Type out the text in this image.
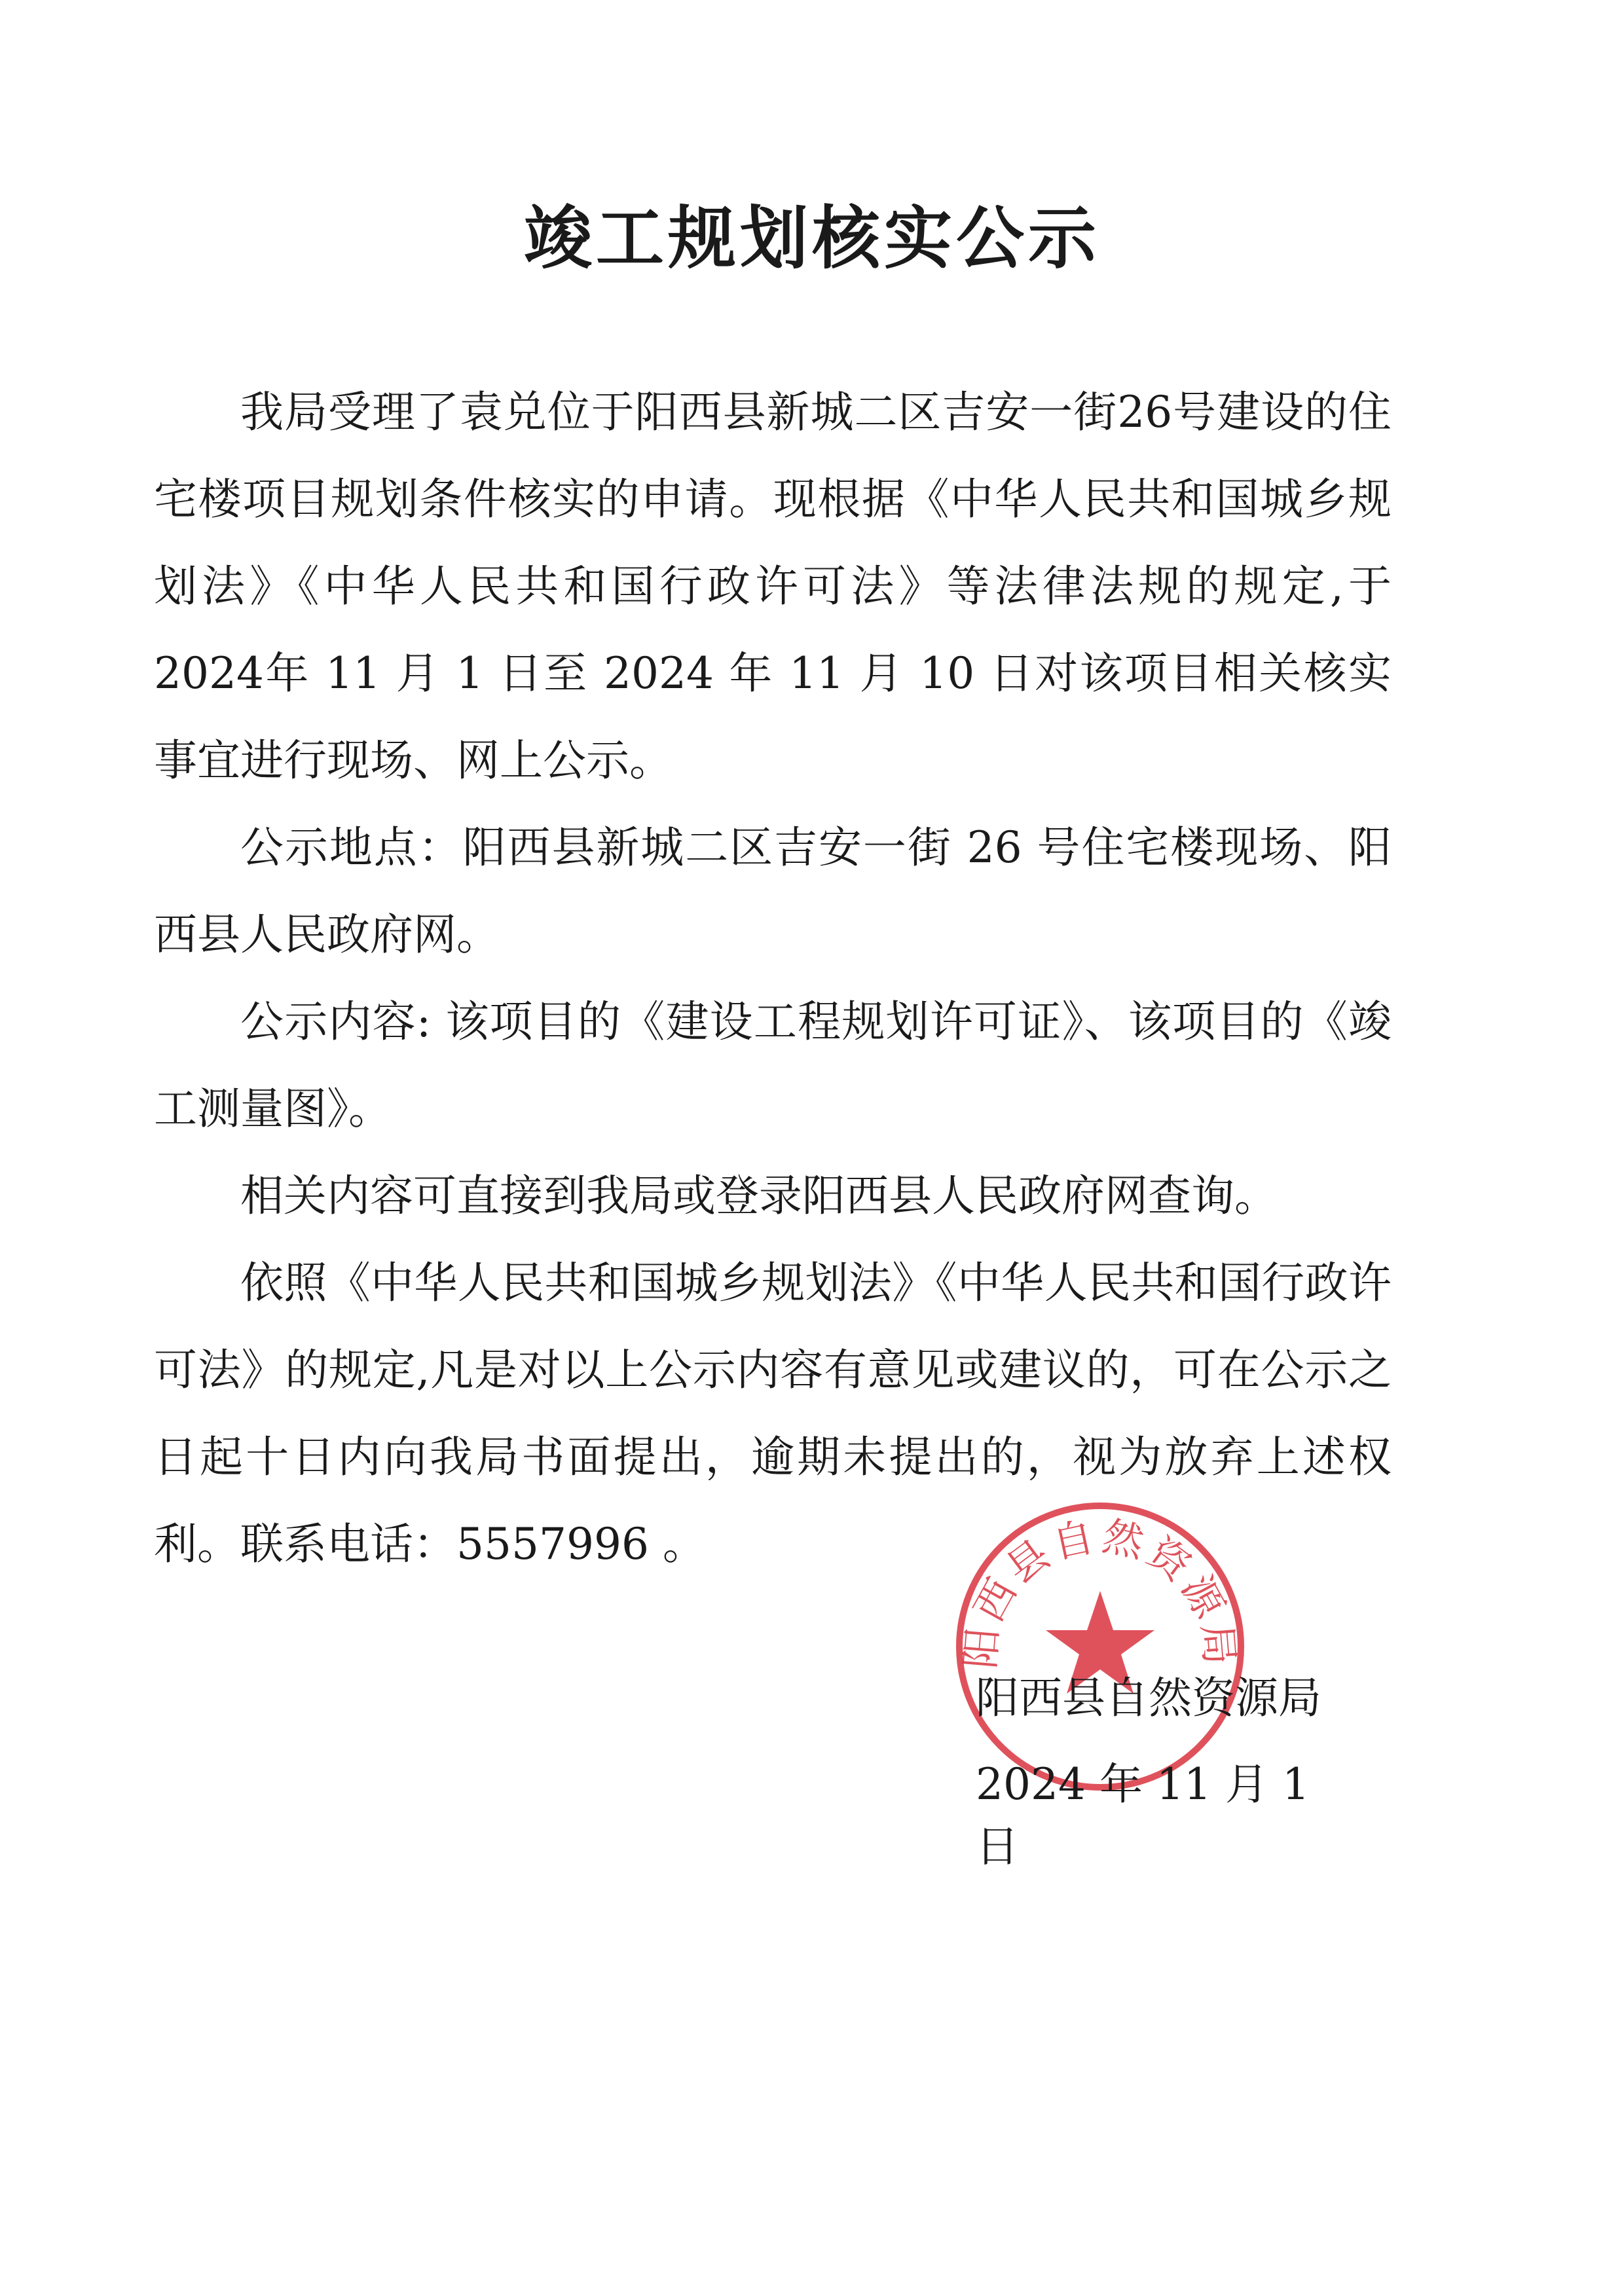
竣工规划核实公示
我局受理了袁兑位于阳西县新城二区吉安一街26号建设的住宅楼项目规划条件核实的申请。现根据《中华人民共和国城乡规划法》《中华人民共和国行政许可法》等法律法规的规定,于 2024年 11 月 1 日至 2024 年 11 月 10 日对该项目相关核实事宜进行现场、网上公示。
公示地点：阳西县新城二区吉安一街 26 号住宅楼现场、阳西县人民政府网。
公示内容: 该项目的《建设工程规划许可证》、该项目的《竣工测量图》。
相关内容可直接到我局或登录阳西县人民政府网查询。
依照《中华人民共和国城乡规划法》《中华人民共和国行政许可法》的规定,凡是对以上公示内容有意见或建议的，可在公示之日起十日内向我局书面提出，逾期未提出的，视为放弃上述权利。 联系电话：5557996 。
阳西县自然资源局
阳西县自然资源局
2024 年 11 月 1 日
